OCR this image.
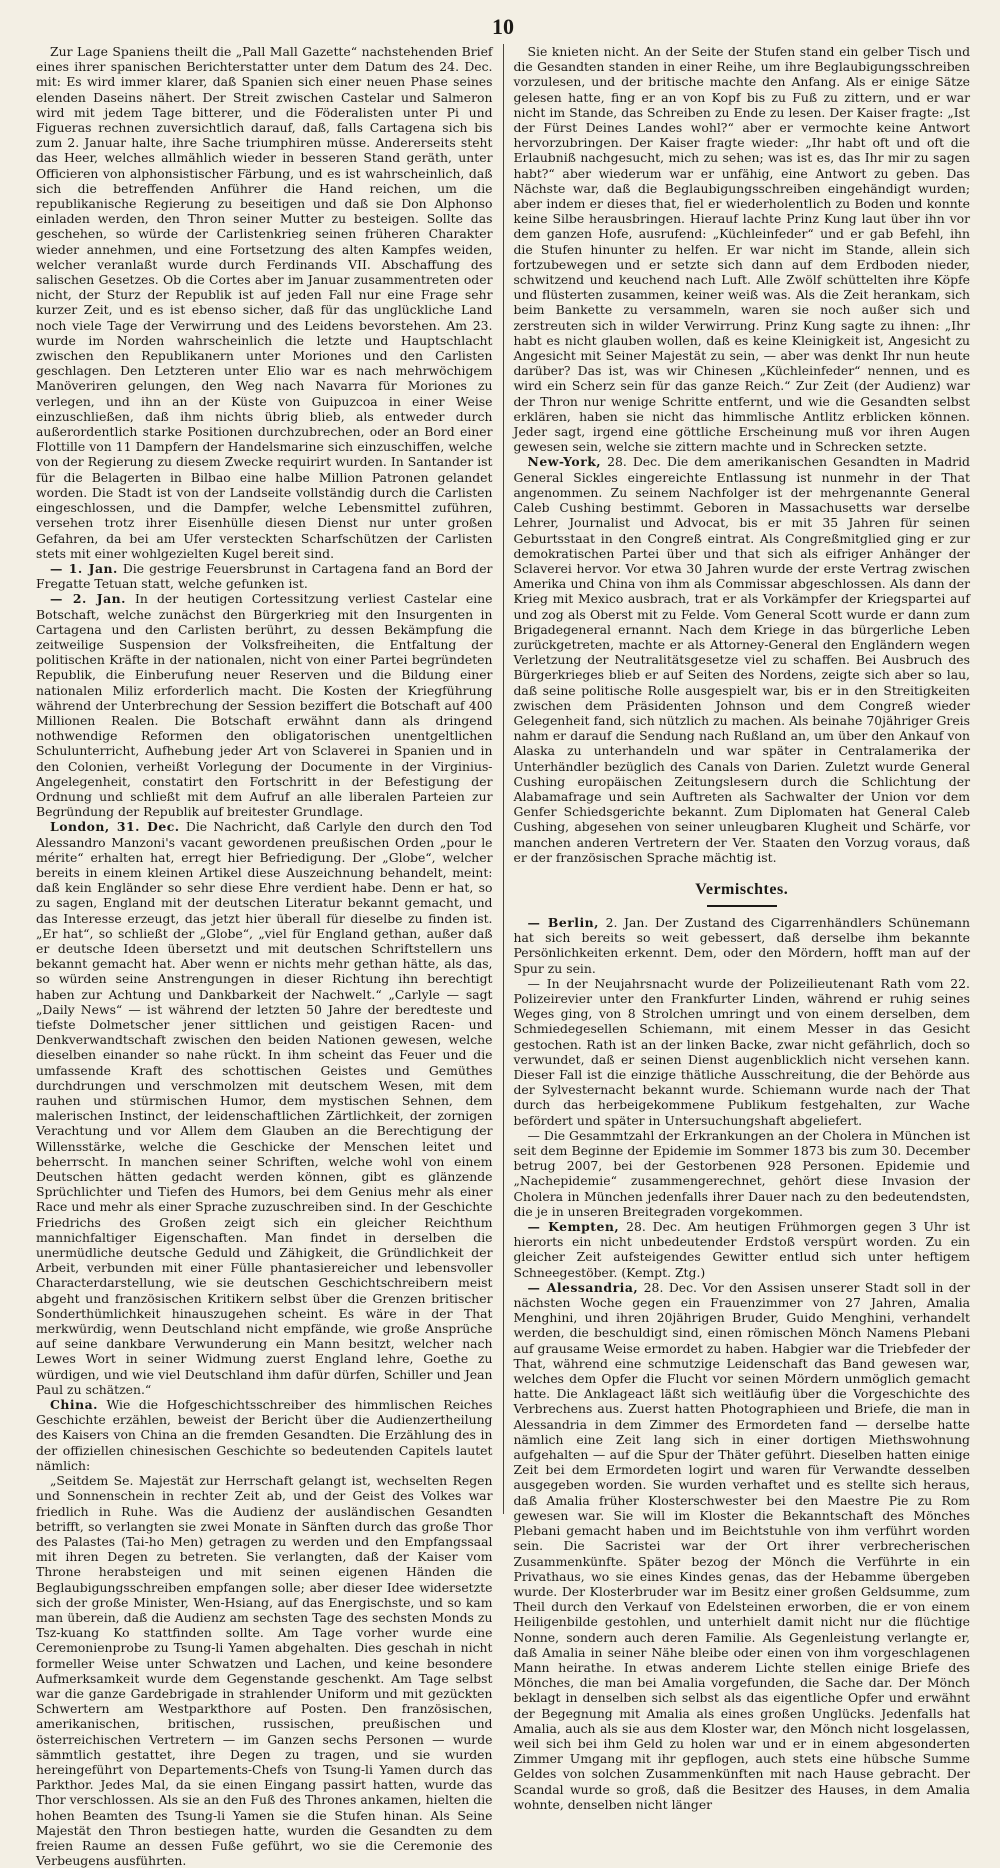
10

Zur Lage Spaniens theilt die „Pall Mall Gazette“ nachstehenden Brief eines ihrer spanischen Berichterstatter unter dem Datum des 24. Dec. mit: Es wird immer klarer, daß Spanien sich einer neuen Phase seines elenden Daseins nähert. Der Streit zwischen Castelar und Salmeron wird mit jedem Tage bitterer, und die Föderalisten unter Pi und Figueras rechnen zuversichtlich darauf, daß, falls Cartagena sich bis zum 2. Januar halte, ihre Sache triumphiren müsse. Andererseits steht das Heer, welches allmählich wieder in besseren Stand geräth, unter Officieren von alphonsistischer Färbung, und es ist wahrscheinlich, daß sich die betreffenden Anführer die Hand reichen, um die republikanische Regierung zu beseitigen und daß sie Don Alphonso einladen werden, den Thron seiner Mutter zu besteigen. Sollte das geschehen, so würde der Carlistenkrieg seinen früheren Charakter wieder annehmen, und eine Fortsetzung des alten Kampfes weiden, welcher veranlaßt wurde durch Ferdinands VII. Abschaffung des salischen Gesetzes. Ob die Cortes aber im Januar zusammentreten oder nicht, der Sturz der Republik ist auf jeden Fall nur eine Frage sehr kurzer Zeit, und es ist ebenso sicher, daß für das unglückliche Land noch viele Tage der Verwirrung und des Leidens bevorstehen. Am 23. wurde im Norden wahrscheinlich die letzte und Hauptschlacht zwischen den Republikanern unter Moriones und den Carlisten geschlagen. Den Letzteren unter Elio war es nach mehrwöchigem Manöveriren gelungen, den Weg nach Navarra für Moriones zu verlegen, und ihn an der Küste von Guipuzcoa in einer Weise einzuschließen, daß ihm nichts übrig blieb, als entweder durch außerordentlich starke Positionen durchzubrechen, oder an Bord einer Flottille von 11 Dampfern der Handelsmarine sich einzuschiffen, welche von der Regierung zu diesem Zwecke requirirt wurden. In Santander ist für die Belagerten in Bilbao eine halbe Million Patronen gelandet worden. Die Stadt ist von der Landseite vollständig durch die Carlisten eingeschlossen, und die Dampfer, welche Lebensmittel zuführen, versehen trotz ihrer Eisenhülle diesen Dienst nur unter großen Gefahren, da bei am Ufer versteckten Scharfschützen der Carlisten stets mit einer wohlgezielten Kugel bereit sind.

— 1. Jan. Die gestrige Feuersbrunst in Cartagena fand an Bord der Fregatte Tetuan statt, welche gefunken ist.

— 2. Jan. In der heutigen Cortessitzung verliest Castelar eine Botschaft, welche zunächst den Bürgerkrieg mit den Insurgenten in Cartagena und den Carlisten berührt, zu dessen Bekämpfung die zeitweilige Suspension der Volksfreiheiten, die Entfaltung der politischen Kräfte in der nationalen, nicht von einer Partei begründeten Republik, die Einberufung neuer Reserven und die Bildung einer nationalen Miliz erforderlich macht. Die Kosten der Kriegführung während der Unterbrechung der Session beziffert die Botschaft auf 400 Millionen Realen. Die Botschaft erwähnt dann als dringend nothwendige Reformen den obligatorischen unentgeltlichen Schulunterricht, Aufhebung jeder Art von Sclaverei in Spanien und in den Colonien, verheißt Vorlegung der Documente in der Virginius-Angelegenheit, constatirt den Fortschritt in der Befestigung der Ordnung und schließt mit dem Aufruf an alle liberalen Parteien zur Begründung der Republik auf breitester Grundlage.

London, 31. Dec. Die Nachricht, daß Carlyle den durch den Tod Alessandro Manzoni's vacant gewordenen preußischen Orden „pour le mérite“ erhalten hat, erregt hier Befriedigung. Der „Globe“, welcher bereits in einem kleinen Artikel diese Auszeichnung behandelt, meint: daß kein Engländer so sehr diese Ehre verdient habe. Denn er hat, so zu sagen, England mit der deutschen Literatur bekannt gemacht, und das Interesse erzeugt, das jetzt hier überall für dieselbe zu finden ist. „Er hat“, so schließt der „Globe“, „viel für England gethan, außer daß er deutsche Ideen übersetzt und mit deutschen Schriftstellern uns bekannt gemacht hat. Aber wenn er nichts mehr gethan hätte, als das, so würden seine Anstrengungen in dieser Richtung ihn berechtigt haben zur Achtung und Dankbarkeit der Nachwelt.“ „Carlyle — sagt „Daily News“ — ist während der letzten 50 Jahre der beredteste und tiefste Dolmetscher jener sittlichen und geistigen Racen- und Denkverwandtschaft zwischen den beiden Nationen gewesen, welche dieselben einander so nahe rückt. In ihm scheint das Feuer und die umfassende Kraft des schottischen Geistes und Gemüthes durchdrungen und verschmolzen mit deutschem Wesen, mit dem rauhen und stürmischen Humor, dem mystischen Sehnen, dem malerischen Instinct, der leidenschaftlichen Zärtlichkeit, der zornigen Verachtung und vor Allem dem Glauben an die Berechtigung der Willensstärke, welche die Geschicke der Menschen leitet und beherrscht. In manchen seiner Schriften, welche wohl von einem Deutschen hätten gedacht werden können, gibt es glänzende Sprüchlichter und Tiefen des Humors, bei dem Genius mehr als einer Race und mehr als einer Sprache zuzuschreiben sind. In der Geschichte Friedrichs des Großen zeigt sich ein gleicher Reichthum mannichfaltiger Eigenschaften. Man findet in derselben die unermüdliche deutsche Geduld und Zähigkeit, die Gründlichkeit der Arbeit, verbunden mit einer Fülle phantasiereicher und lebensvoller Characterdarstellung, wie sie deutschen Geschichtschreibern meist abgeht und französischen Kritikern selbst über die Grenzen britischer Sonderthümlichkeit hinauszugehen scheint. Es wäre in der That merkwürdig, wenn Deutschland nicht empfände, wie große Ansprüche auf seine dankbare Verwunderung ein Mann besitzt, welcher nach Lewes Wort in seiner Widmung zuerst England lehre, Goethe zu würdigen, und wie viel Deutschland ihm dafür dürfen, Schiller und Jean Paul zu schätzen.“

China. Wie die Hofgeschichtsschreiber des himmlischen Reiches Geschichte erzählen, beweist der Bericht über die Audienzertheilung des Kaisers von China an die fremden Gesandten. Die Erzählung des in der offiziellen chinesischen Geschichte so bedeutenden Capitels lautet nämlich:

„Seitdem Se. Majestät zur Herrschaft gelangt ist, wechselten Regen und Sonnenschein in rechter Zeit ab, und der Geist des Volkes war friedlich in Ruhe. Was die Audienz der ausländischen Gesandten betrifft, so verlangten sie zwei Monate in Sänften durch das große Thor des Palastes (Tai-ho Men) getragen zu werden und den Empfangssaal mit ihren Degen zu betreten. Sie verlangten, daß der Kaiser vom Throne herabsteigen und mit seinen eigenen Händen die Beglaubigungsschreiben empfangen solle; aber dieser Idee widersetzte sich der große Minister, Wen-Hsiang, auf das Energischste, und so kam man überein, daß die Audienz am sechsten Tage des sechsten Monds zu Tsz-kuang Ko stattfinden sollte. Am Tage vorher wurde eine Ceremonienprobe zu Tsung-li Yamen abgehalten. Dies geschah in nicht formeller Weise unter Schwatzen und Lachen, und keine besondere Aufmerksamkeit wurde dem Gegenstande geschenkt. Am Tage selbst war die ganze Gardebrigade in strahlender Uniform und mit gezückten Schwertern am Westparkthore auf Posten. Den französischen, amerikanischen, britischen, russischen, preußischen und österreichischen Vertretern — im Ganzen sechs Personen — wurde sämmtlich gestattet, ihre Degen zu tragen, und sie wurden hereingeführt von Departements-Chefs von Tsung-li Yamen durch das Parkthor. Jedes Mal, da sie einen Eingang passirt hatten, wurde das Thor verschlossen. Als sie an den Fuß des Thrones ankamen, hielten die hohen Beamten des Tsung-li Yamen sie die Stufen hinan. Als Seine Majestät den Thron bestiegen hatte, wurden die Gesandten zu dem freien Raume an dessen Fuße geführt, wo sie die Ceremonie des Verbeugens ausführten.

Sie knieten nicht. An der Seite der Stufen stand ein gelber Tisch und die Gesandten standen in einer Reihe, um ihre Beglaubigungsschreiben vorzulesen, und der britische machte den Anfang. Als er einige Sätze gelesen hatte, fing er an von Kopf bis zu Fuß zu zittern, und er war nicht im Stande, das Schreiben zu Ende zu lesen. Der Kaiser fragte: „Ist der Fürst Deines Landes wohl?“ aber er vermochte keine Antwort hervorzubringen. Der Kaiser fragte wieder: „Ihr habt oft und oft die Erlaubniß nachgesucht, mich zu sehen; was ist es, das Ihr mir zu sagen habt?“ aber wiederum war er unfähig, eine Antwort zu geben. Das Nächste war, daß die Beglaubigungsschreiben eingehändigt wurden; aber indem er dieses that, fiel er wiederholentlich zu Boden und konnte keine Silbe herausbringen. Hierauf lachte Prinz Kung laut über ihn vor dem ganzen Hofe, ausrufend: „Küchleinfeder“ und er gab Befehl, ihn die Stufen hinunter zu helfen. Er war nicht im Stande, allein sich fortzubewegen und er setzte sich dann auf dem Erdboden nieder, schwitzend und keuchend nach Luft. Alle Zwölf schüttelten ihre Köpfe und flüsterten zusammen, keiner weiß was. Als die Zeit herankam, sich beim Bankette zu versammeln, waren sie noch außer sich und zerstreuten sich in wilder Verwirrung. Prinz Kung sagte zu ihnen: „Ihr habt es nicht glauben wollen, daß es keine Kleinigkeit ist, Angesicht zu Angesicht mit Seiner Majestät zu sein, — aber was denkt Ihr nun heute darüber? Das ist, was wir Chinesen „Küchleinfeder“ nennen, und es wird ein Scherz sein für das ganze Reich.“ Zur Zeit (der Audienz) war der Thron nur wenige Schritte entfernt, und wie die Gesandten selbst erklären, haben sie nicht das himmlische Antlitz erblicken können. Jeder sagt, irgend eine göttliche Erscheinung muß vor ihren Augen gewesen sein, welche sie zittern machte und in Schrecken setzte.

New-York, 28. Dec. Die dem amerikanischen Gesandten in Madrid General Sickles eingereichte Entlassung ist nunmehr in der That angenommen. Zu seinem Nachfolger ist der mehrgenannte General Caleb Cushing bestimmt. Geboren in Massachusetts war derselbe Lehrer, Journalist und Advocat, bis er mit 35 Jahren für seinen Geburtsstaat in den Congreß eintrat. Als Congreßmitglied ging er zur demokratischen Partei über und that sich als eifriger Anhänger der Sclaverei hervor. Vor etwa 30 Jahren wurde der erste Vertrag zwischen Amerika und China von ihm als Commissar abgeschlossen. Als dann der Krieg mit Mexico ausbrach, trat er als Vorkämpfer der Kriegspartei auf und zog als Oberst mit zu Felde. Vom General Scott wurde er dann zum Brigadegeneral ernannt. Nach dem Kriege in das bürgerliche Leben zurückgetreten, machte er als Attorney-General den Engländern wegen Verletzung der Neutralitätsgesetze viel zu schaffen. Bei Ausbruch des Bürgerkrieges blieb er auf Seiten des Nordens, zeigte sich aber so lau, daß seine politische Rolle ausgespielt war, bis er in den Streitigkeiten zwischen dem Präsidenten Johnson und dem Congreß wieder Gelegenheit fand, sich nützlich zu machen. Als beinahe 70jähriger Greis nahm er darauf die Sendung nach Rußland an, um über den Ankauf von Alaska zu unterhandeln und war später in Centralamerika der Unterhändler bezüglich des Canals von Darien. Zuletzt wurde General Cushing europäischen Zeitungslesern durch die Schlichtung der Alabamafrage und sein Auftreten als Sachwalter der Union vor dem Genfer Schiedsgerichte bekannt. Zum Diplomaten hat General Caleb Cushing, abgesehen von seiner unleugbaren Klugheit und Schärfe, vor manchen anderen Vertretern der Ver. Staaten den Vorzug voraus, daß er der französischen Sprache mächtig ist.

Vermischtes.

— Berlin, 2. Jan. Der Zustand des Cigarrenhändlers Schünemann hat sich bereits so weit gebessert, daß derselbe ihm bekannte Persönlichkeiten erkennt. Dem, oder den Mördern, hofft man auf der Spur zu sein.

— In der Neujahrsnacht wurde der Polizeilieutenant Rath vom 22. Polizeirevier unter den Frankfurter Linden, während er ruhig seines Weges ging, von 8 Strolchen umringt und von einem derselben, dem Schmiedegesellen Schiemann, mit einem Messer in das Gesicht gestochen. Rath ist an der linken Backe, zwar nicht gefährlich, doch so verwundet, daß er seinen Dienst augenblicklich nicht versehen kann. Dieser Fall ist die einzige thätliche Ausschreitung, die der Behörde aus der Sylvesternacht bekannt wurde. Schiemann wurde nach der That durch das herbeigekommene Publikum festgehalten, zur Wache befördert und später in Untersuchungshaft abgeliefert.

— Die Gesammtzahl der Erkrankungen an der Cholera in München ist seit dem Beginne der Epidemie im Sommer 1873 bis zum 30. December betrug 2007, bei der Gestorbenen 928 Personen. Epidemie und „Nachepidemie“ zusammengerechnet, gehört diese Invasion der Cholera in München jedenfalls ihrer Dauer nach zu den bedeutendsten, die je in unseren Breitegraden vorgekommen.

— Kempten, 28. Dec. Am heutigen Frühmorgen gegen 3 Uhr ist hierorts ein nicht unbedeutender Erdstoß verspürt worden. Zu ein gleicher Zeit aufsteigendes Gewitter entlud sich unter heftigem Schneegestöber. (Kempt. Ztg.)

— Alessandria, 28. Dec. Vor den Assisen unserer Stadt soll in der nächsten Woche gegen ein Frauenzimmer von 27 Jahren, Amalia Menghini, und ihren 20jährigen Bruder, Guido Menghini, verhandelt werden, die beschuldigt sind, einen römischen Mönch Namens Plebani auf grausame Weise ermordet zu haben. Habgier war die Triebfeder der That, während eine schmutzige Leidenschaft das Band gewesen war, welches dem Opfer die Flucht vor seinen Mördern unmöglich gemacht hatte. Die Anklageact läßt sich weitläufig über die Vorgeschichte des Verbrechens aus. Zuerst hatten Photographieen und Briefe, die man in Alessandria in dem Zimmer des Ermordeten fand — derselbe hatte nämlich eine Zeit lang sich in einer dortigen Miethswohnung aufgehalten — auf die Spur der Thäter geführt. Dieselben hatten einige Zeit bei dem Ermordeten logirt und waren für Verwandte desselben ausgegeben worden. Sie wurden verhaftet und es stellte sich heraus, daß Amalia früher Klosterschwester bei den Maestre Pie zu Rom gewesen war. Sie will im Kloster die Bekanntschaft des Mönches Plebani gemacht haben und im Beichtstuhle von ihm verführt worden sein. Die Sacristei war der Ort ihrer verbrecherischen Zusammenkünfte. Später bezog der Mönch die Verführte in ein Privathaus, wo sie eines Kindes genas, das der Hebamme übergeben wurde. Der Klosterbruder war im Besitz einer großen Geldsumme, zum Theil durch den Verkauf von Edelsteinen erworben, die er von einem Heiligenbilde gestohlen, und unterhielt damit nicht nur die flüchtige Nonne, sondern auch deren Familie. Als Gegenleistung verlangte er, daß Amalia in seiner Nähe bleibe oder einen von ihm vorgeschlagenen Mann heirathe. In etwas anderem Lichte stellen einige Briefe des Mönches, die man bei Amalia vorgefunden, die Sache dar. Der Mönch beklagt in denselben sich selbst als das eigentliche Opfer und erwähnt der Begegnung mit Amalia als eines großen Unglücks. Jedenfalls hat Amalia, auch als sie aus dem Kloster war, den Mönch nicht losgelassen, weil sich bei ihm Geld zu holen war und er in einem abgesonderten Zimmer Umgang mit ihr gepflogen, auch stets eine hübsche Summe Geldes von solchen Zusammenkünften mit nach Hause gebracht. Der Scandal wurde so groß, daß die Besitzer des Hauses, in dem Amalia wohnte, denselben nicht länger
